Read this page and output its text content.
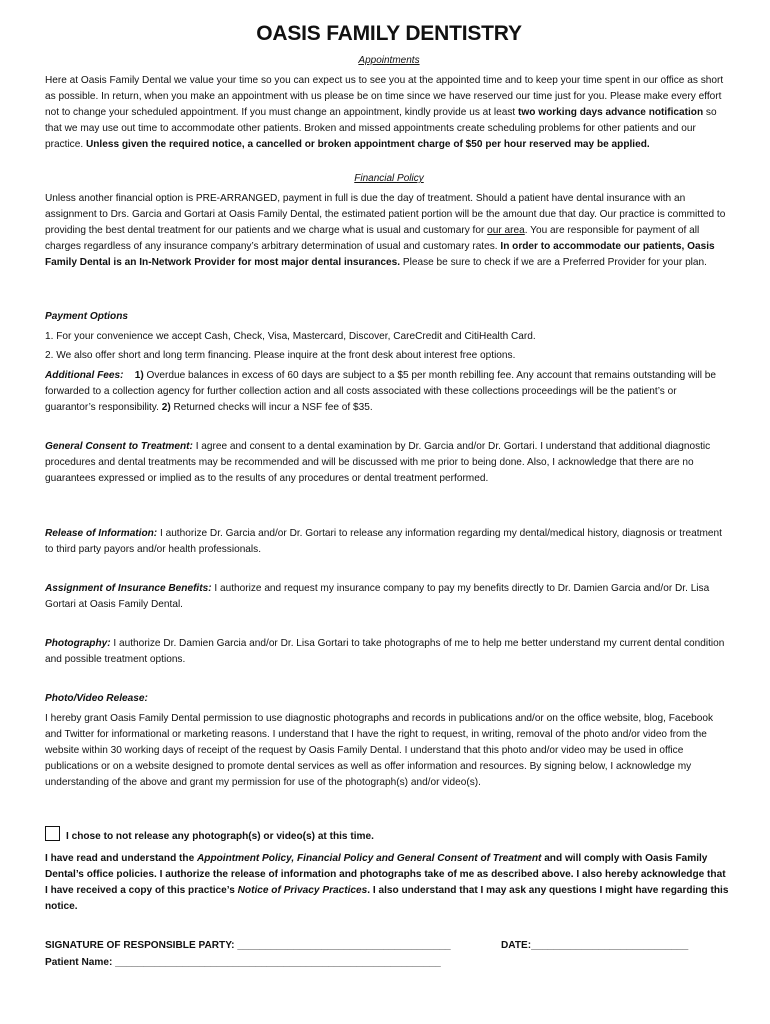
OASIS FAMILY DENTISTRY
Appointments
Here at Oasis Family Dental we value your time so you can expect us to see you at the appointed time and to keep your time spent in our office as short as possible. In return, when you make an appointment with us please be on time since we have reserved our time just for you. Please make every effort not to change your scheduled appointment. If you must change an appointment, kindly provide us at least two working days advance notification so that we may use out time to accommodate other patients. Broken and missed appointments create scheduling problems for other patients and our practice. Unless given the required notice, a cancelled or broken appointment charge of $50 per hour reserved may be applied.
Financial Policy
Unless another financial option is PRE-ARRANGED, payment in full is due the day of treatment. Should a patient have dental insurance with an assignment to Drs. Garcia and Gortari at Oasis Family Dental, the estimated patient portion will be the amount due that day. Our practice is committed to providing the best dental treatment for our patients and we charge what is usual and customary for our area. You are responsible for payment of all charges regardless of any insurance company’s arbitrary determination of usual and customary rates. In order to accommodate our patients, Oasis Family Dental is an In-Network Provider for most major dental insurances. Please be sure to check if we are a Preferred Provider for your plan.
Payment Options
1. For your convenience we accept Cash, Check, Visa, Mastercard, Discover, CareCredit and CitiHealth Card.
2. We also offer short and long term financing. Please inquire at the front desk about interest free options.
Additional Fees: 1) Overdue balances in excess of 60 days are subject to a $5 per month rebilling fee. Any account that remains outstanding will be forwarded to a collection agency for further collection action and all costs associated with these collections proceedings will be the patient’s or guarantor’s responsibility. 2) Returned checks will incur a NSF fee of $35.
General Consent to Treatment: I agree and consent to a dental examination by Dr. Garcia and/or Dr. Gortari. I understand that additional diagnostic procedures and dental treatments may be recommended and will be discussed with me prior to being done. Also, I acknowledge that there are no guarantees expressed or implied as to the results of any procedures or dental treatment performed.
Release of Information: I authorize Dr. Garcia and/or Dr. Gortari to release any information regarding my dental/medical history, diagnosis or treatment to third party payors and/or health professionals.
Assignment of Insurance Benefits: I authorize and request my insurance company to pay my benefits directly to Dr. Damien Garcia and/or Dr. Lisa Gortari at Oasis Family Dental.
Photography: I authorize Dr. Damien Garcia and/or Dr. Lisa Gortari to take photographs of me to help me better understand my current dental condition and possible treatment options.
Photo/Video Release:
I hereby grant Oasis Family Dental permission to use diagnostic photographs and records in publications and/or on the office website, blog, Facebook and Twitter for informational or marketing reasons. I understand that I have the right to request, in writing, removal of the photo and/or video from the website within 30 working days of receipt of the request by Oasis Family Dental. I understand that this photo and/or video may be used in office publications or on a website designed to promote dental services as well as offer information and resources. By signing below, I acknowledge my understanding of the above and grant my permission for use of the photograph(s) and/or video(s).
I chose to not release any photograph(s) or video(s) at this time.
I have read and understand the Appointment Policy, Financial Policy and General Consent of Treatment and will comply with Oasis Family Dental’s office policies. I authorize the release of information and photographs take of me as described above. I also hereby acknowledge that I have received a copy of this practice’s Notice of Privacy Practices. I also understand that I may ask any questions I might have regarding this notice.
SIGNATURE OF RESPONSIBLE PARTY: ______________________________________	DATE:____________________________
Patient Name: __________________________________________________________
